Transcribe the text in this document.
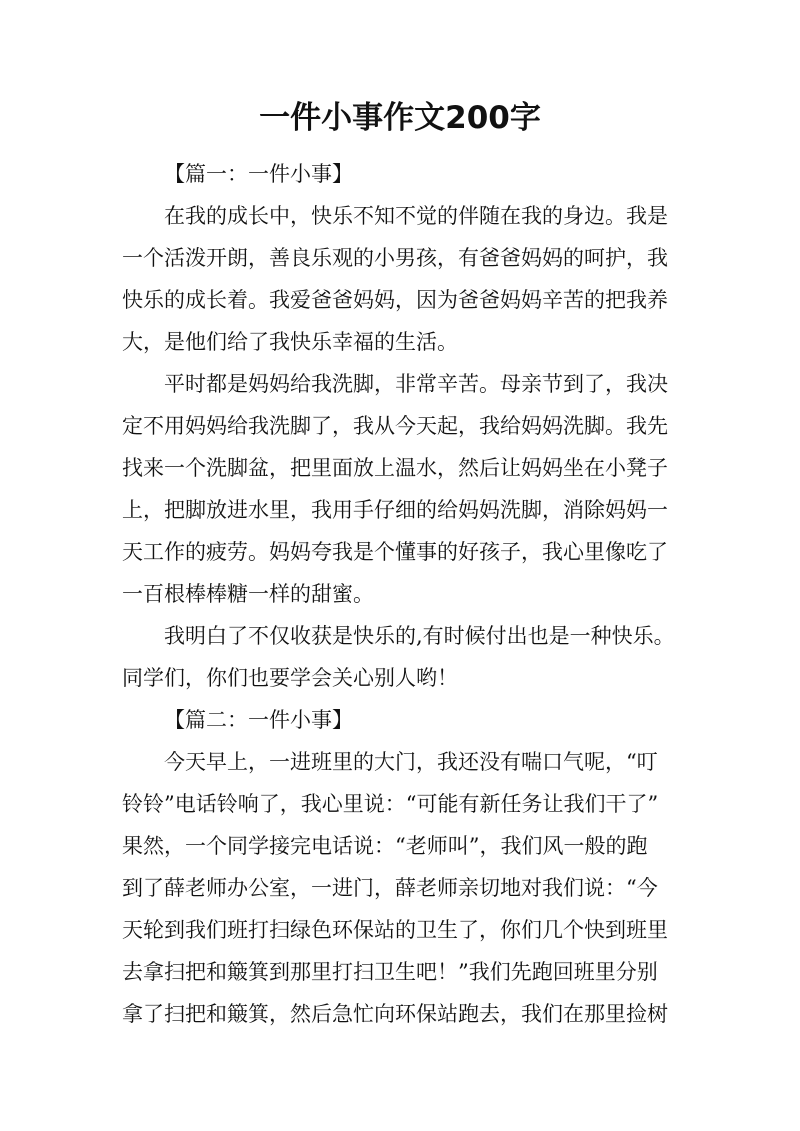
一件小事作文200字
【篇一：一件小事】
在我的成长中，快乐不知不觉的伴随在我的身边。我是
一个活泼开朗，善良乐观的小男孩，有爸爸妈妈的呵护，我
快乐的成长着。我爱爸爸妈妈，因为爸爸妈妈辛苦的把我养
大，是他们给了我快乐幸福的生活。
平时都是妈妈给我洗脚，非常辛苦。母亲节到了，我决
定不用妈妈给我洗脚了，我从今天起，我给妈妈洗脚。我先
找来一个洗脚盆，把里面放上温水，然后让妈妈坐在小凳子
上，把脚放进水里，我用手仔细的给妈妈洗脚，消除妈妈一
天工作的疲劳。妈妈夸我是个懂事的好孩子，我心里像吃了
一百根棒棒糖一样的甜蜜。
我明白了不仅收获是快乐的,有时候付出也是一种快乐。
同学们，你们也要学会关心别人哟！
【篇二：一件小事】
今天早上，一进班里的大门，我还没有喘口气呢，“叮
铃铃”电话铃响了，我心里说：“可能有新任务让我们干了”
果然，一个同学接完电话说：“老师叫”，我们风一般的跑
到了薛老师办公室，一进门，薛老师亲切地对我们说：“今
天轮到我们班打扫绿色环保站的卫生了，你们几个快到班里
去拿扫把和簸箕到那里打扫卫生吧！”我们先跑回班里分别
拿了扫把和簸箕，然后急忙向环保站跑去，我们在那里捡树
